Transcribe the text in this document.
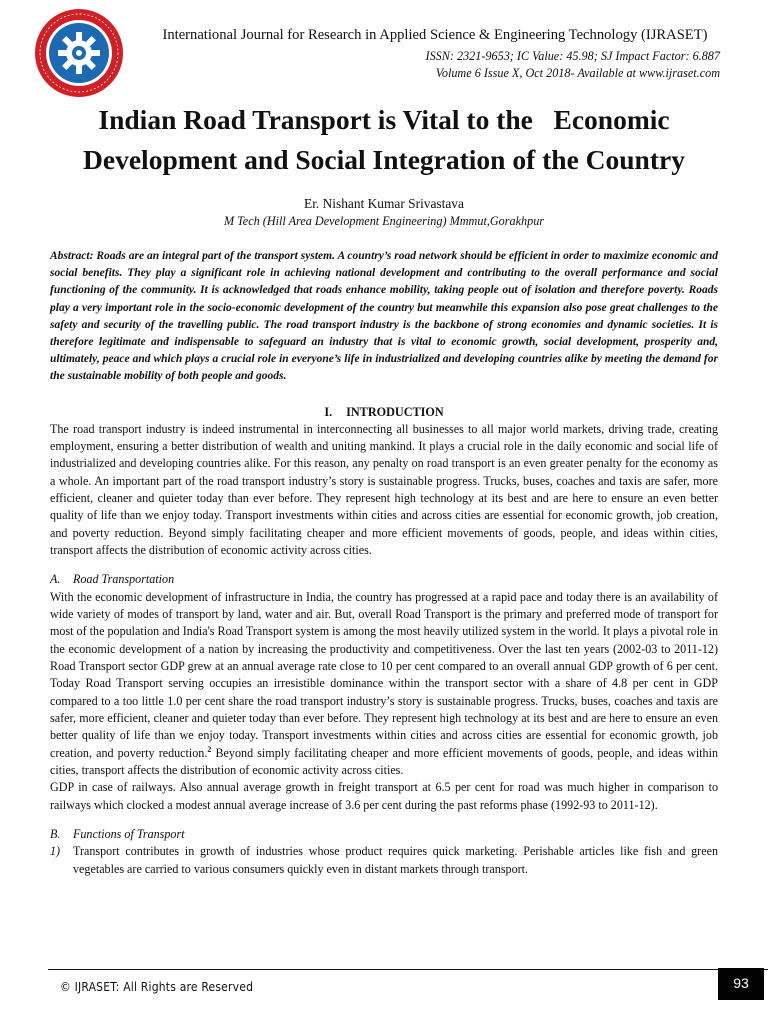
International Journal for Research in Applied Science & Engineering Technology (IJRASET)
ISSN: 2321-9653; IC Value: 45.98; SJ Impact Factor: 6.887
Volume 6 Issue X, Oct 2018- Available at www.ijraset.com
Indian Road Transport is Vital to the   Economic
Development and Social Integration of the Country
Er. Nishant Kumar Srivastava
M Tech (Hill Area Development Engineering) Mmmut,Gorakhpur

Abstract: Roads are an integral part of the transport system. A country’s road network should be efficient in order to maximize economic and social benefits. They play a significant role in achieving national development and contributing to the overall performance and social functioning of the community. It is acknowledged that roads enhance mobility, taking people out of isolation and therefore poverty. Roads play a very important role in the socio-economic development of the country but meanwhile this expansion also pose great challenges to the safety and security of the travelling public. The road transport industry is the backbone of strong economies and dynamic societies. It is therefore legitimate and indispensable to safeguard an industry that is vital to economic growth, social development, prosperity and, ultimately, peace and which plays a crucial role in everyone’s life in industrialized and developing countries alike by meeting the demand for the sustainable mobility of both people and goods.

I. INTRODUCTION

The road transport industry is indeed instrumental in interconnecting all businesses to all major world markets, driving trade, creating employment, ensuring a better distribution of wealth and uniting mankind. It plays a crucial role in the daily economic and social life of industrialized and developing countries alike. For this reason, any penalty on road transport is an even greater penalty for the economy as a whole. An important part of the road transport industry’s story is sustainable progress. Trucks, buses, coaches and taxis are safer, more efficient, cleaner and quieter today than ever before. They represent high technology at its best and are here to ensure an even better quality of life than we enjoy today. Transport investments within cities and across cities are essential for economic growth, job creation, and poverty reduction. Beyond simply facilitating cheaper and more efficient movements of goods, people, and ideas within cities, transport affects the distribution of economic activity across cities.

A. Road Transportation

With the economic development of infrastructure in India, the country has progressed at a rapid pace and today there is an availability of wide variety of modes of transport by land, water and air. But, overall Road Transport is the primary and preferred mode of transport for most of the population and India's Road Transport system is among the most heavily utilized system in the world. It plays a pivotal role in the economic development of a nation by increasing the productivity and competitiveness. Over the last ten years (2002-03 to 2011-12) Road Transport sector GDP grew at an annual average rate close to 10 per cent compared to an overall annual GDP growth of 6 per cent. Today Road Transport serving occupies an irresistible dominance within the transport sector with a share of 4.8 per cent in GDP compared to a too little 1.0 per cent share the road transport industry’s story is sustainable progress. Trucks, buses, coaches and taxis are safer, more efficient, cleaner and quieter today than ever before. They represent high technology at its best and are here to ensure an even better quality of life than we enjoy today. Transport investments within cities and across cities are essential for economic growth, job creation, and poverty reduction.$^2$ Beyond simply facilitating cheaper and more efficient movements of goods, people, and ideas within cities, transport affects the distribution of economic activity across cities.

GDP in case of railways. Also annual average growth in freight transport at 6.5 per cent for road was much higher in comparison to railways which clocked a modest annual average increase of 3.6 per cent during the past reforms phase (1992-93 to 2011-12).

B. Functions of Transport
1)	Transport contributes in growth of industries whose product requires quick marketing. Perishable articles like fish and green vegetables are carried to various consumers quickly even in distant markets through transport.
© IJRASET: All Rights are Reserved	93
